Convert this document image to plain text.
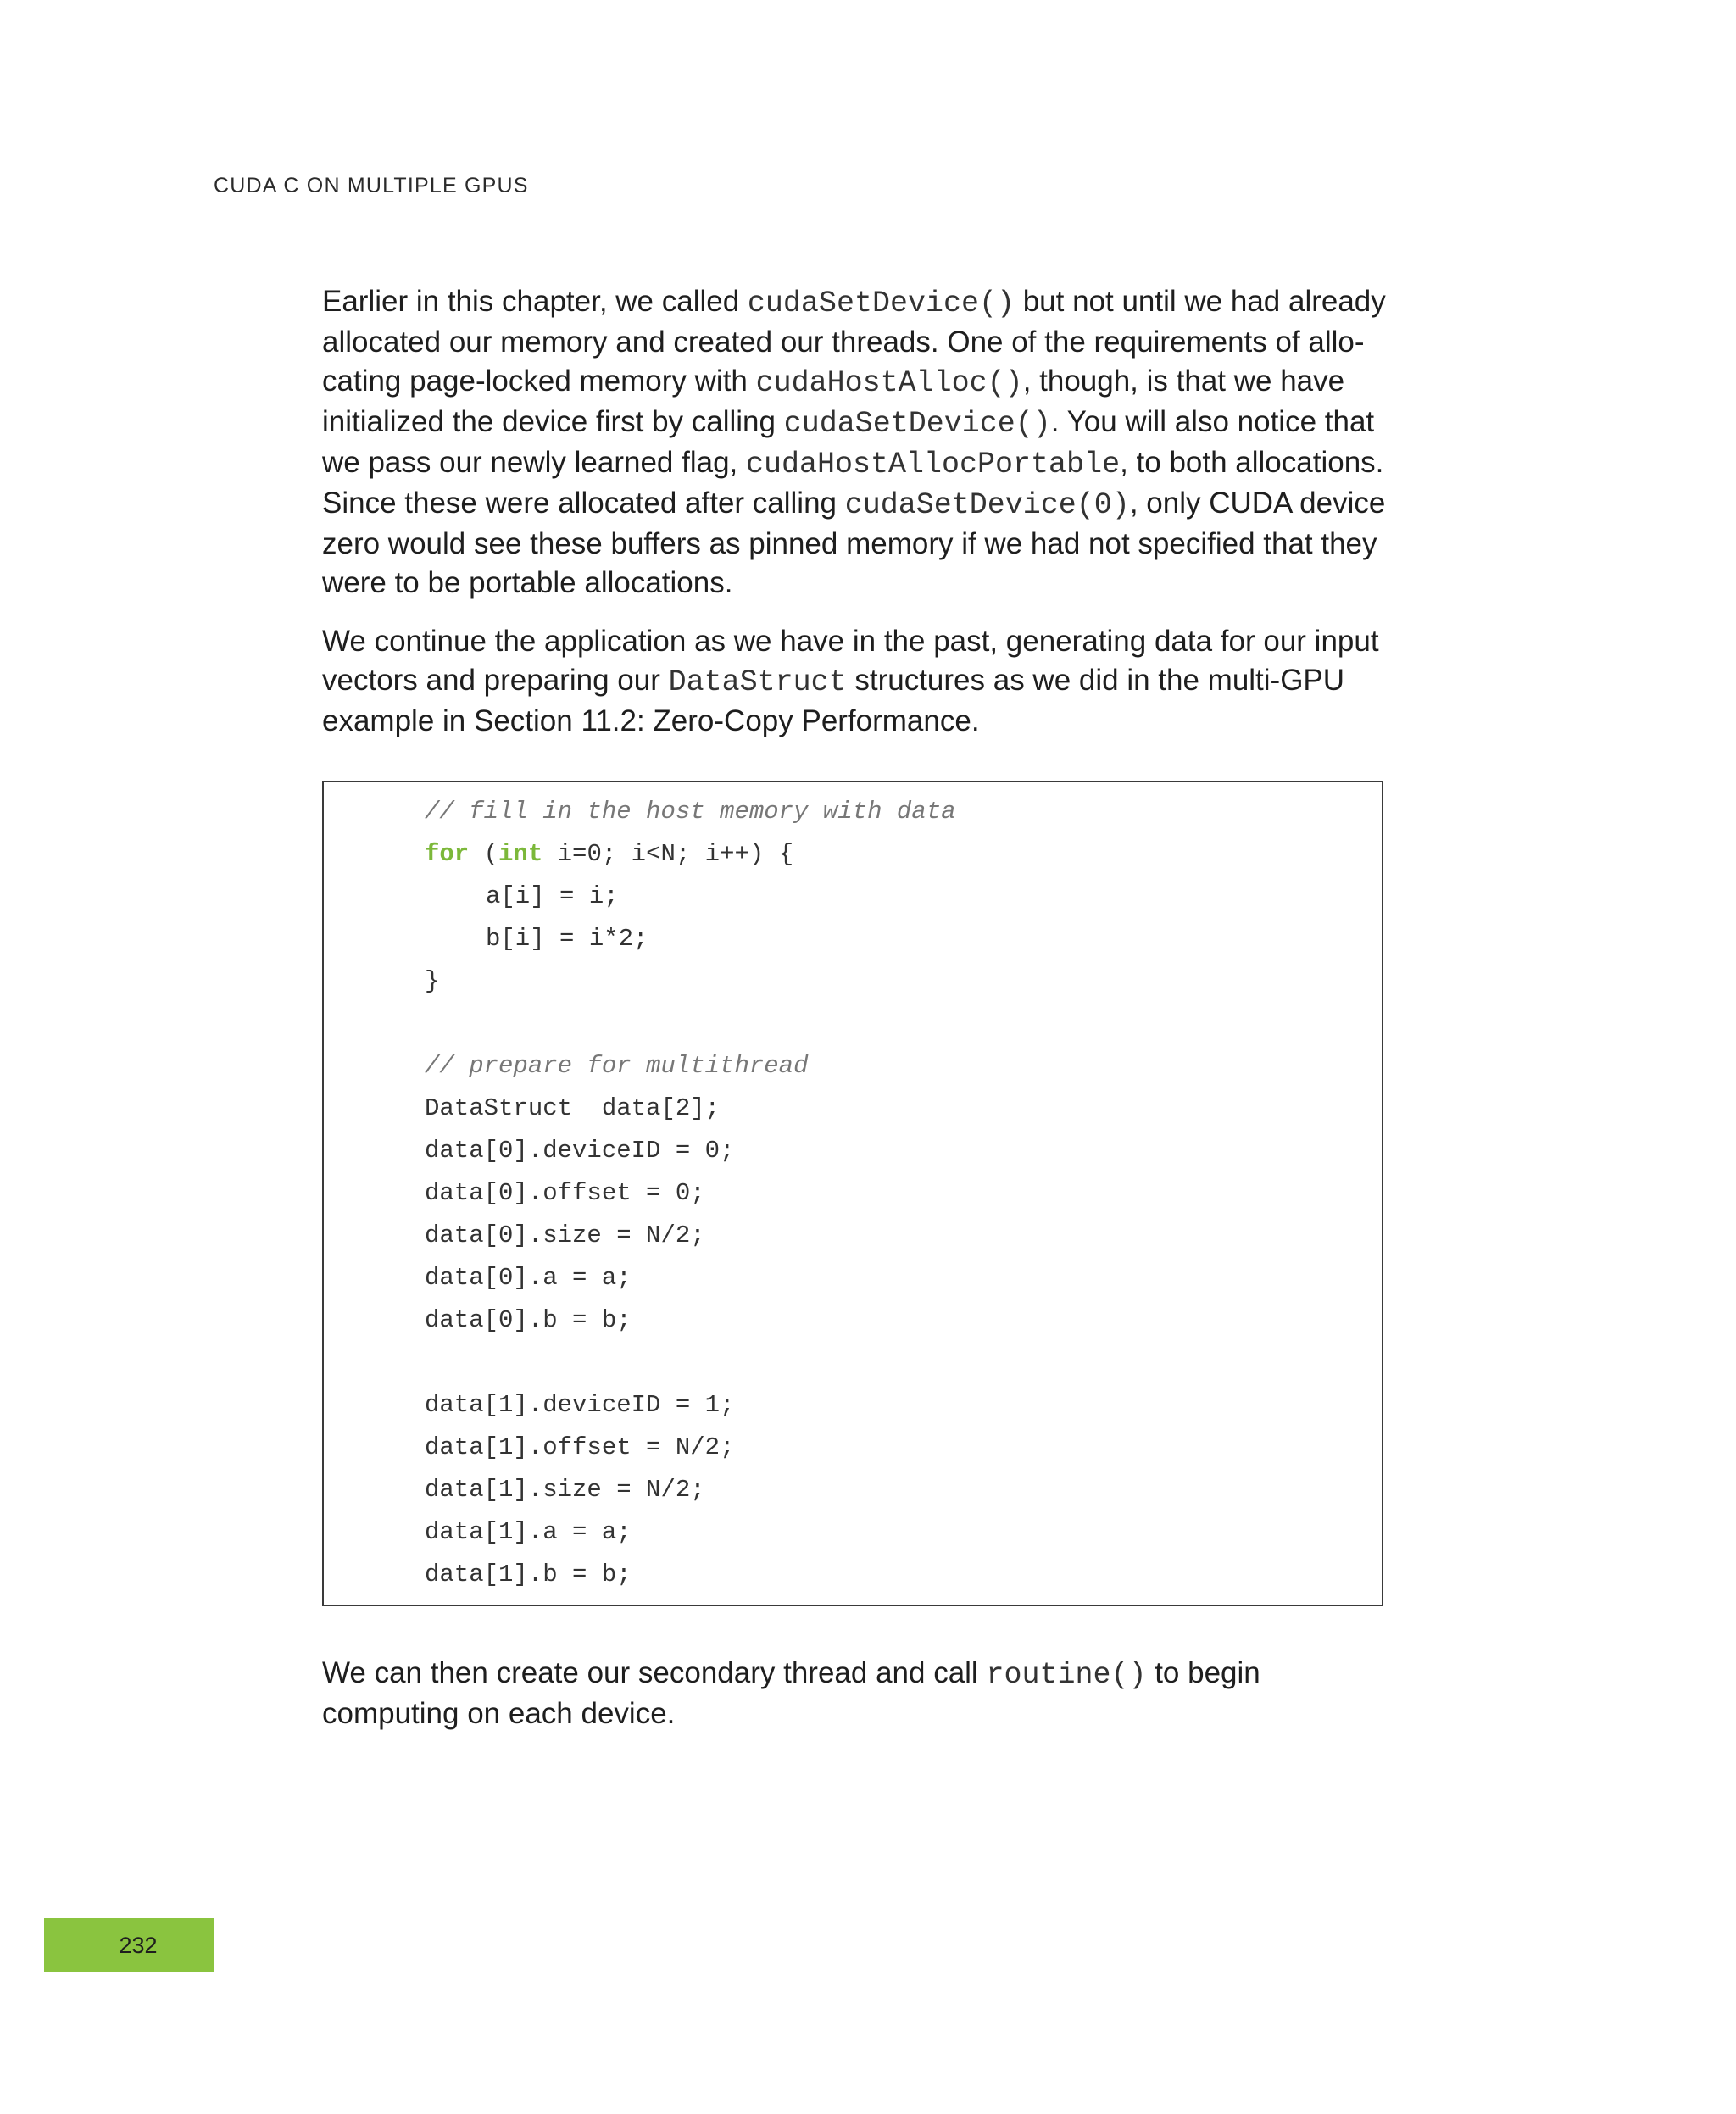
CUDA C ON MULTIPLE GPUS

Earlier in this chapter, we called cudaSetDevice() but not until we had already allocated our memory and created our threads. One of the requirements of allo-cating page-locked memory with cudaHostAlloc(), though, is that we have initialized the device first by calling cudaSetDevice(). You will also notice that we pass our newly learned flag, cudaHostAllocPortable, to both allocations. Since these were allocated after calling cudaSetDevice(0), only CUDA device zero would see these buffers as pinned memory if we had not specified that they were to be portable allocations.

We continue the application as we have in the past, generating data for our input vectors and preparing our DataStruct structures as we did in the multi-GPU example in Section 11.2: Zero-Copy Performance.

// fill in the host memory with data
for (int i=0; i<N; i++) {
a[i] = i;
b[i] = i*2;
}
// prepare for multithread
DataStruct  data[2];
data[0].deviceID = 0;
data[0].offset = 0;
data[0].size = N/2;
data[0].a = a;
data[0].b = b;
data[1].deviceID = 1;
data[1].offset = N/2;
data[1].size = N/2;
data[1].a = a;
data[1].b = b;

We can then create our secondary thread and call routine() to begin computing on each device.

232
